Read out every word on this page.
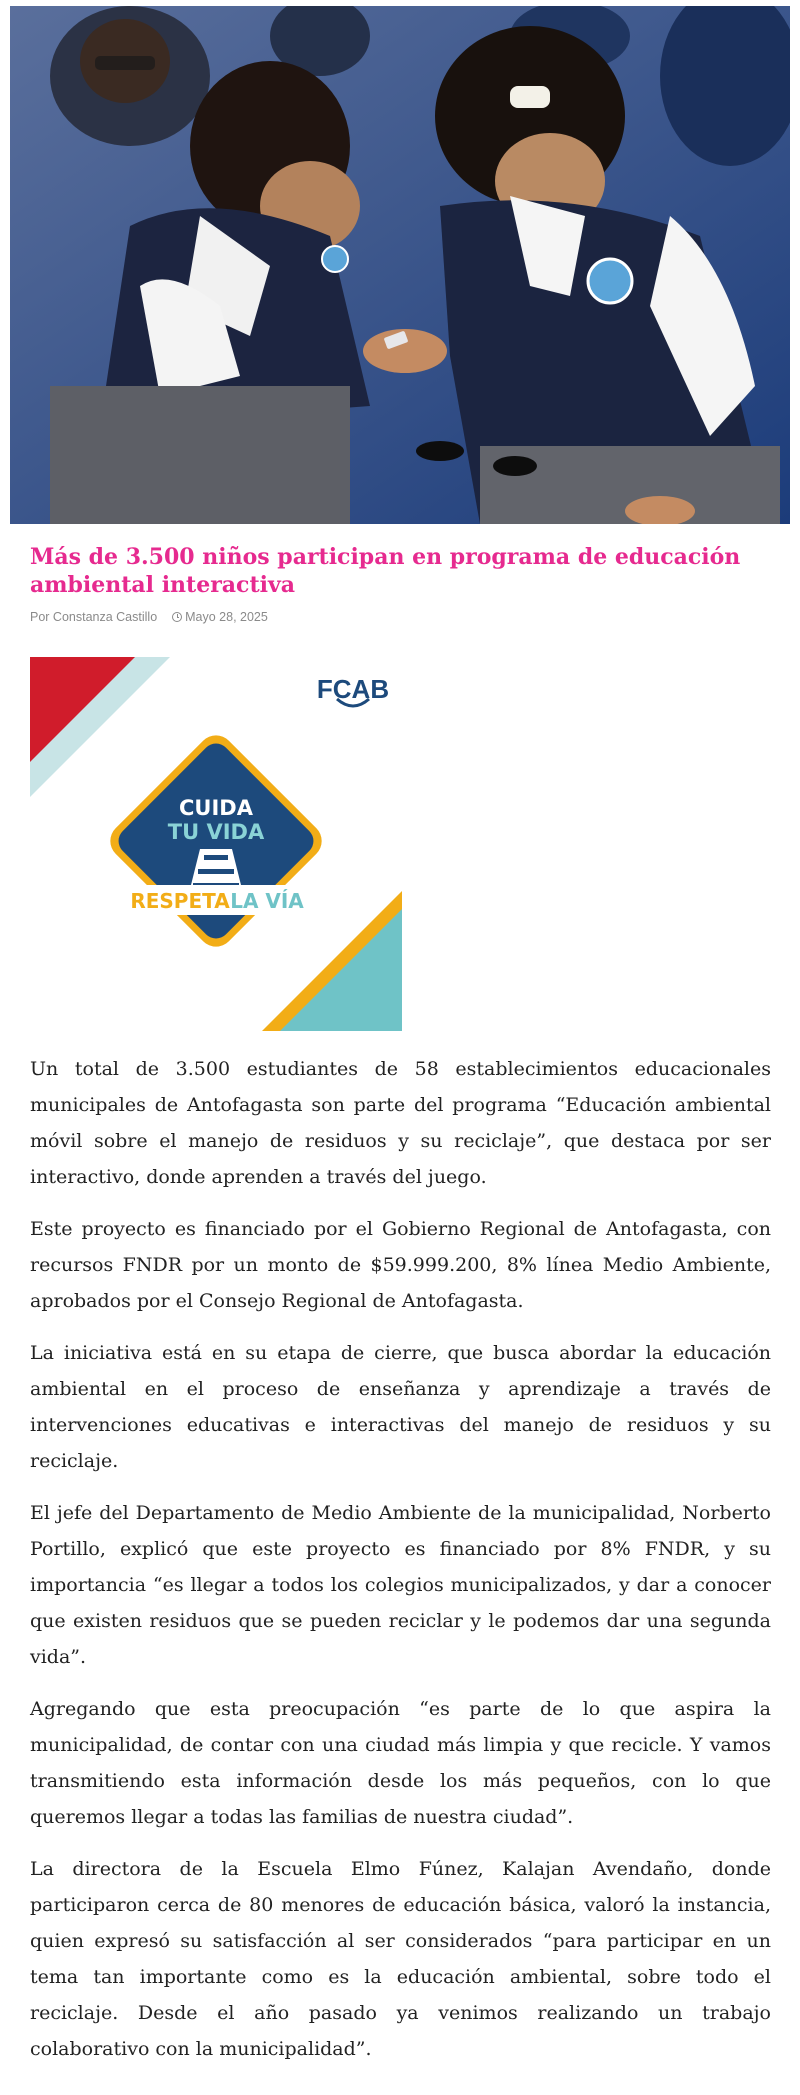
Más de 3.500 niños participan en programa de educación ambiental interactiva
Por Constanza Castillo Mayo 28, 2025
FCAB
CUIDA
TU VIDA
RESPETA LA VÍA

Un total de 3.500 estudiantes de 58 establecimientos educacionales municipales de Antofagasta son parte del programa “Educación ambiental móvil sobre el manejo de residuos y su reciclaje”, que destaca por ser interactivo, donde aprenden a través del juego.

Este proyecto es financiado por el Gobierno Regional de Antofagasta, con recursos FNDR por un monto de $59.999.200, 8% línea Medio Ambiente, aprobados por el Consejo Regional de Antofagasta.

La iniciativa está en su etapa de cierre, que busca abordar la educación ambiental en el proceso de enseñanza y aprendizaje a través de intervenciones educativas e interactivas del manejo de residuos y su reciclaje.

El jefe del Departamento de Medio Ambiente de la municipalidad, Norberto Portillo, explicó que este proyecto es financiado por 8% FNDR, y su importancia “es llegar a todos los colegios municipalizados, y dar a conocer que existen residuos que se pueden reciclar y le podemos dar una segunda vida”.

Agregando que esta preocupación “es parte de lo que aspira la municipalidad, de contar con una ciudad más limpia y que recicle. Y vamos transmitiendo esta información desde los más pequeños, con lo que queremos llegar a todas las familias de nuestra ciudad”.

La directora de la Escuela Elmo Fúnez, Kalajan Avendaño, donde participaron cerca de 80 menores de educación básica, valoró la instancia, quien expresó su satisfacción al ser considerados “para participar en un tema tan importante como es la educación ambiental, sobre todo el reciclaje. Desde el año pasado ya venimos realizando un trabajo colaborativo con la municipalidad”.
